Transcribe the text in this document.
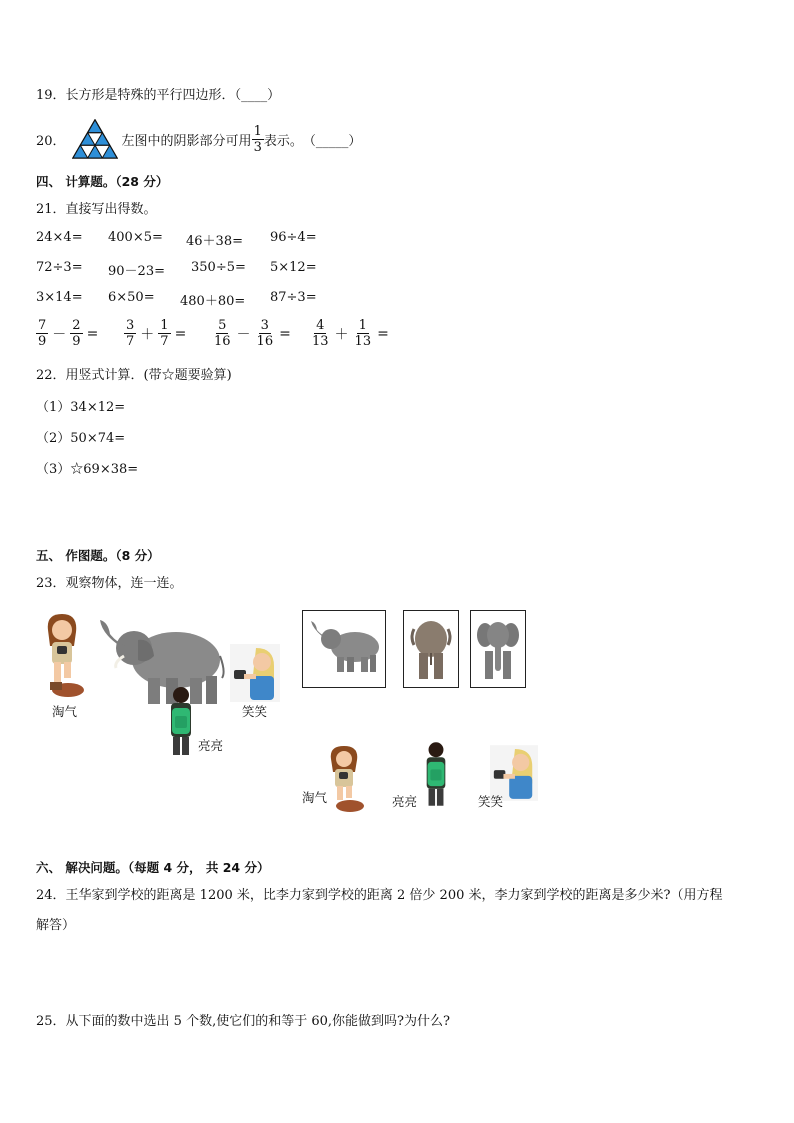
19．长方形是特殊的平行四边形．（____）
20．	左图中的阴影部分可用 $\frac{1}{3}$ 表示。 （_____）
四、 计算题。（28 分）
21．直接写出得数。
24×4= 400×5= 46＋38= 96÷4=
72÷3= 90－23= 350÷5= 5×12=
3×14= 6×50= 480＋80= 87÷3=
$\frac{7}{9} - \frac{2}{9} = \frac{3}{7} + \frac{1}{7} = \frac{5}{16} - \frac{3}{16} = \frac{4}{13} + \frac{1}{13}$ =
22．用竖式计算．(带☆题要验算)
（1）34×12=
（2）50×74=
（3）☆69×38=
五、 作图题。（8 分）
23．观察物体，连一连。
淘气
亮亮
笑笑
淘气	亮亮	笑笑
六、 解决问题。（每题 4 分， 共 24 分）
24．王华家到学校的距离是 1200 米，比李力家到学校的距离 2 倍少 200 米，李力家到学校的距离是多少米?（用方程
解答）
25．从下面的数中选出 5 个数,使它们的和等于 60,你能做到吗?为什么?
